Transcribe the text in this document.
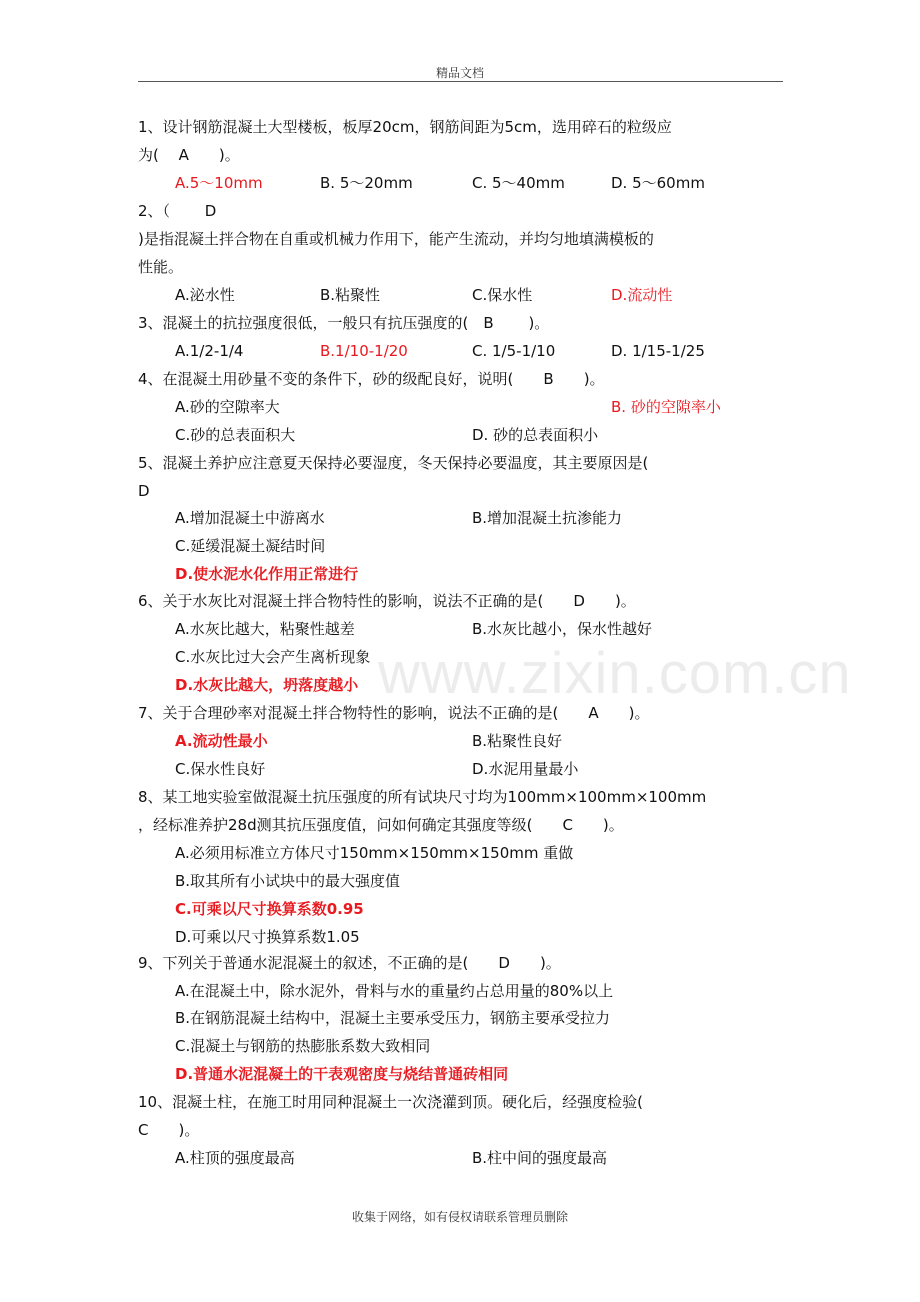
精品文档
www.zixin.com.cn
1、设计钢筋混凝土大型楼板，板厚20cm，钢筋间距为5cm，选用碎石的粒级应
为(　 A　　)。
A.5～10mm	B. 5～20mm	C. 5～40mm	D. 5～60mm
2、（　　 D
)是指混凝土拌合物在自重或机械力作用下，能产生流动，并均匀地填满模板的
性能。
A.泌水性	B.粘聚性	C.保水性	D.流动性
3、混凝土的抗拉强度很低，一般只有抗压强度的(　B　　 )。
A.1/2-1/4	B.1/10-1/20	C. 1/5-1/10	D. 1/15-1/25
4、在混凝土用砂量不变的条件下，砂的级配良好，说明(　　B　　)。
A.砂的空隙率大	B. 砂的空隙率小
C.砂的总表面积大	D. 砂的总表面积小
5、混凝土养护应注意夏天保持必要湿度，冬天保持必要温度，其主要原因是(
D
A.增加混凝土中游离水	B.增加混凝土抗渗能力
C.延缓混凝土凝结时间
D.使水泥水化作用正常进行
6、关于水灰比对混凝土拌合物特性的影响，说法不正确的是(　　D　　)。
A.水灰比越大，粘聚性越差	B.水灰比越小，保水性越好
C.水灰比过大会产生离析现象
D.水灰比越大，坍落度越小
7、关于合理砂率对混凝土拌合物特性的影响，说法不正确的是(　　A　　)。
A.流动性最小	B.粘聚性良好
C.保水性良好	D.水泥用量最小
8、某工地实验室做混凝土抗压强度的所有试块尺寸均为100mm×100mm×100mm
，经标准养护28d测其抗压强度值，问如何确定其强度等级(　　C　　)。
A.必须用标准立方体尺寸150mm×150mm×150mm 重做
B.取其所有小试块中的最大强度值
C.可乘以尺寸换算系数0.95
D.可乘以尺寸换算系数1.05
9、下列关于普通水泥混凝土的叙述，不正确的是(　　D　　)。
A.在混凝土中，除水泥外，骨料与水的重量约占总用量的80%以上
B.在钢筋混凝土结构中，混凝土主要承受压力，钢筋主要承受拉力
C.混凝土与钢筋的热膨胀系数大致相同
D.普通水泥混凝土的干表观密度与烧结普通砖相同
10、混凝土柱，在施工时用同种混凝土一次浇灌到顶。硬化后，经强度检验(
C　　)。
A.柱顶的强度最高	B.柱中间的强度最高
收集于网络，如有侵权请联系管理员删除
